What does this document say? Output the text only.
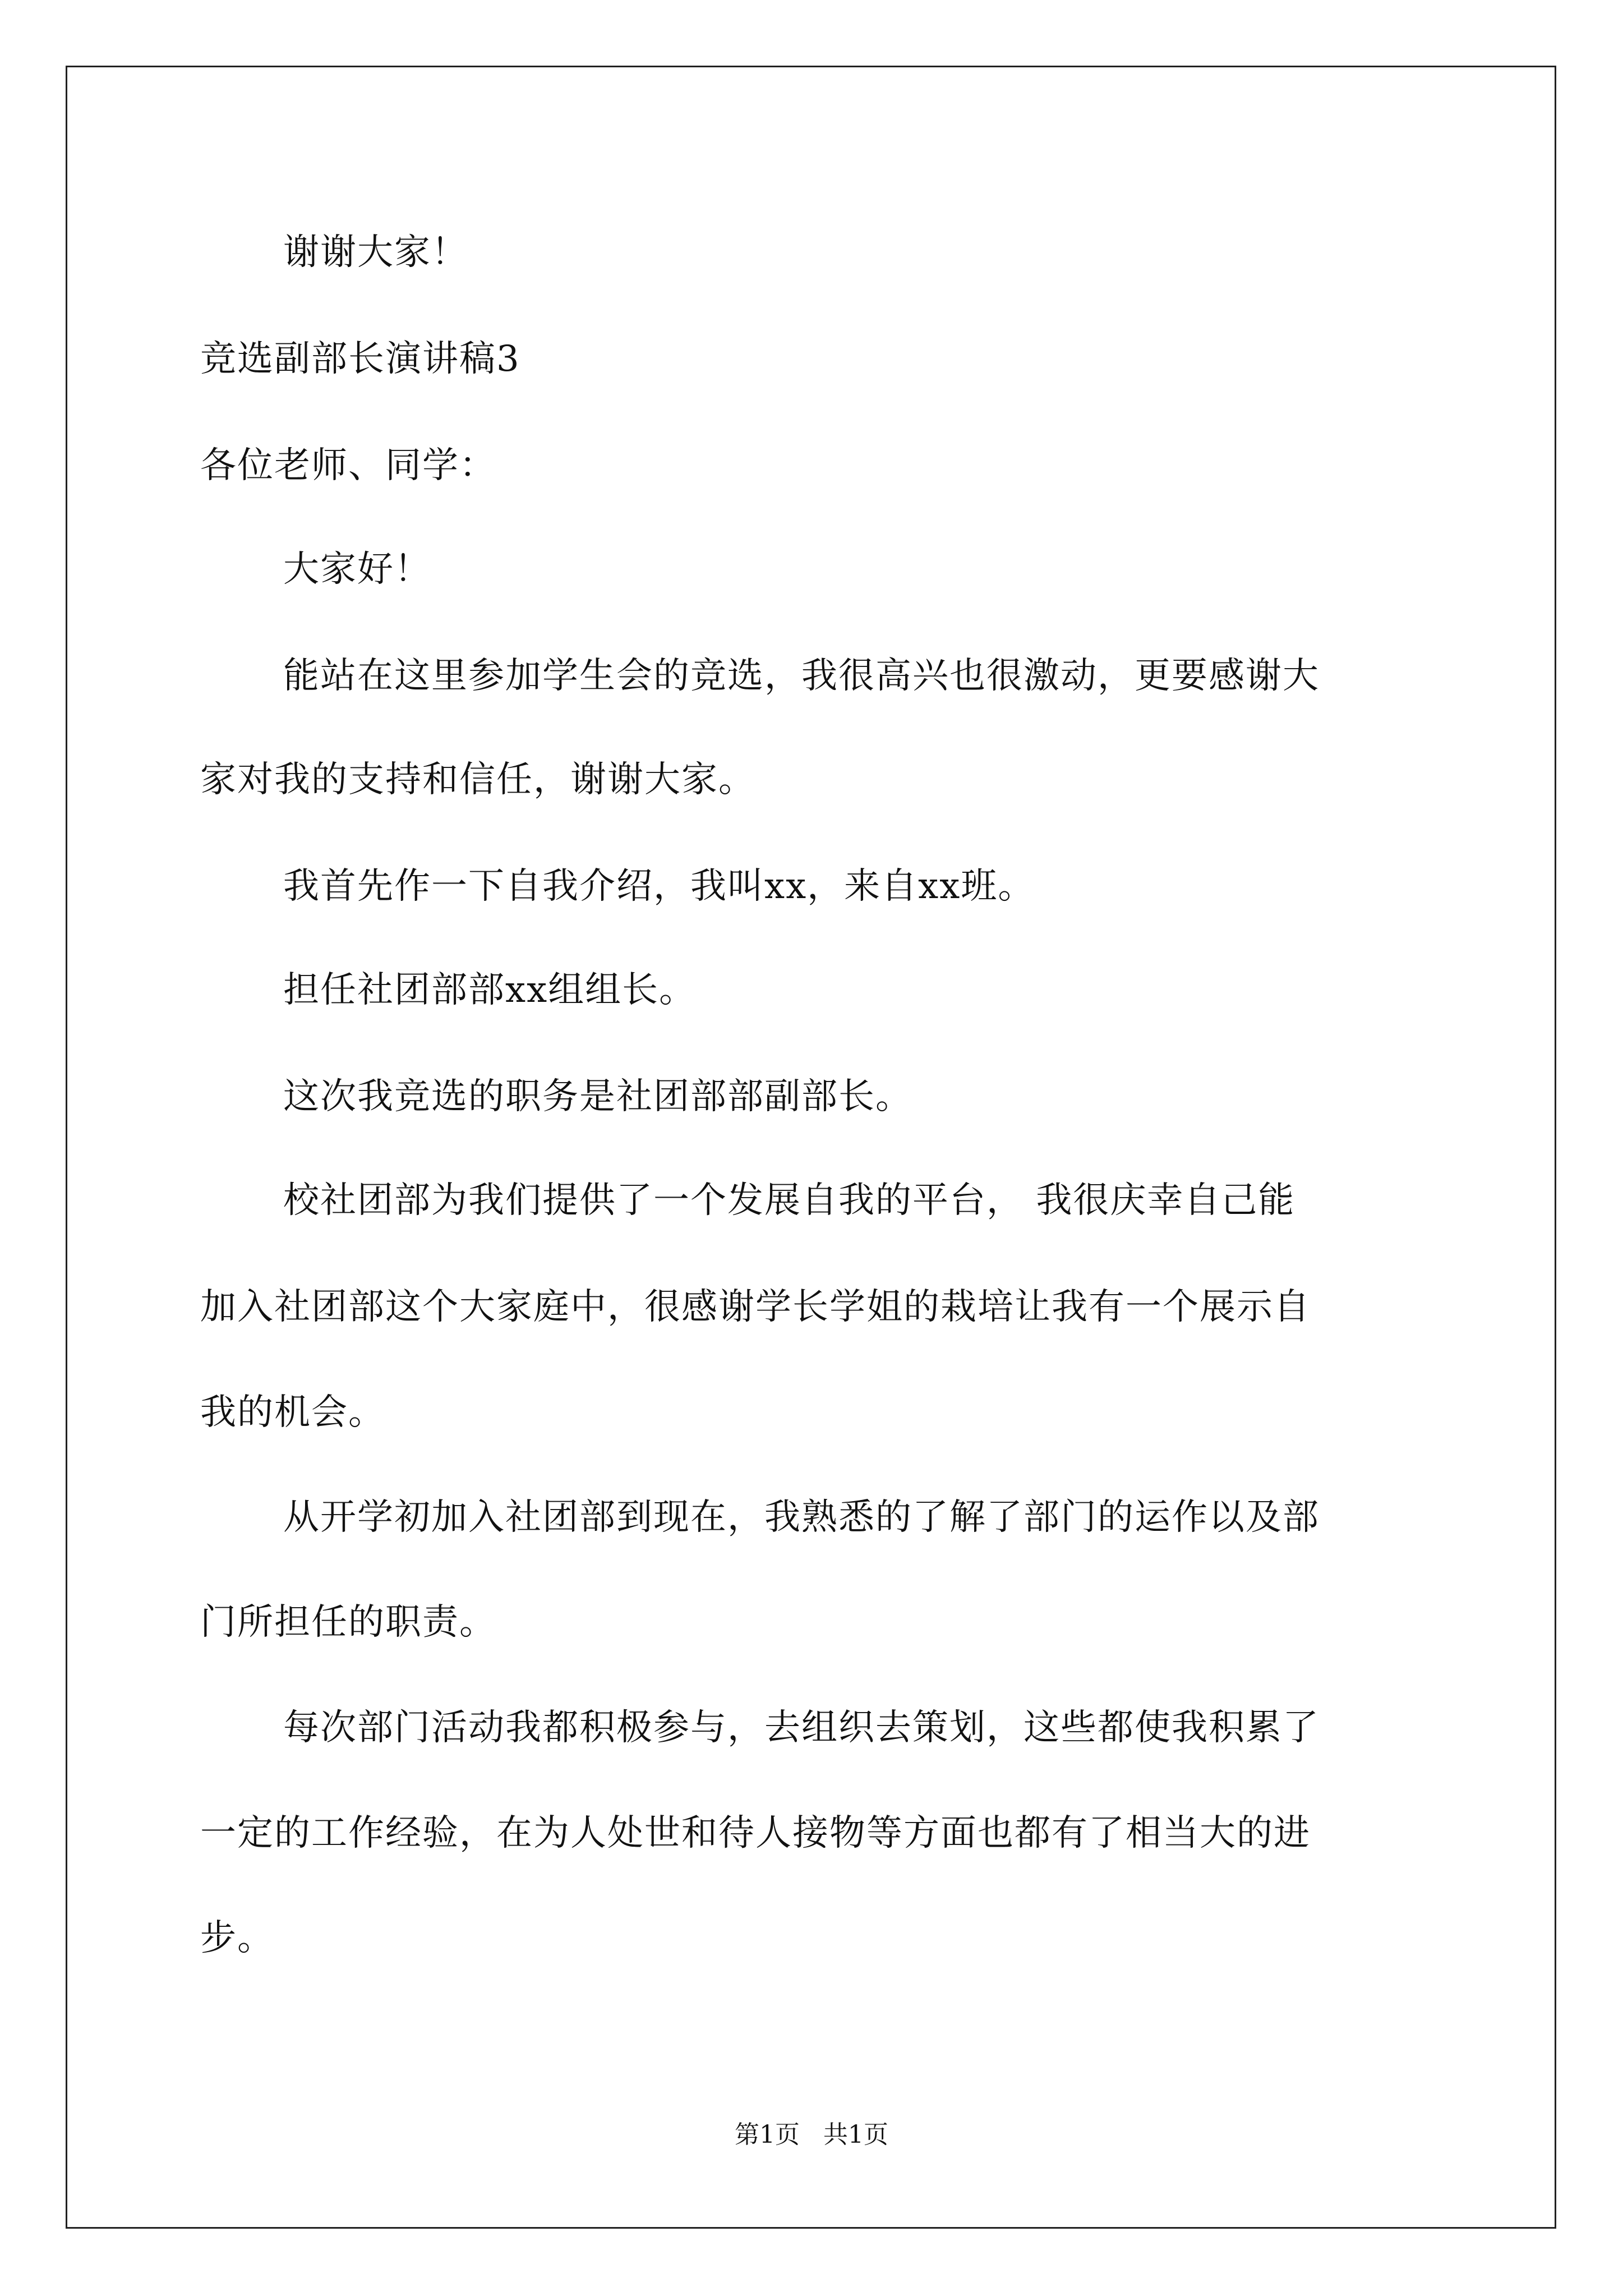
谢谢大家！
竞选副部长演讲稿3
各位老师、同学：
大家好！
能站在这里参加学生会的竞选，我很高兴也很激动，更要感谢大
家对我的支持和信任，谢谢大家。
我首先作一下自我介绍，我叫xx，来自xx班。
担任社团部部xx组组长。
这次我竞选的职务是社团部部副部长。
校社团部为我们提供了一个发展自我的平台， 我很庆幸自己能
加入社团部这个大家庭中，很感谢学长学姐的栽培让我有一个展示自
我的机会。
从开学初加入社团部到现在，我熟悉的了解了部门的运作以及部
门所担任的职责。
每次部门活动我都积极参与，去组织去策划，这些都使我积累了
一定的工作经验，在为人处世和待人接物等方面也都有了相当大的进
步。
第1页   共1页
